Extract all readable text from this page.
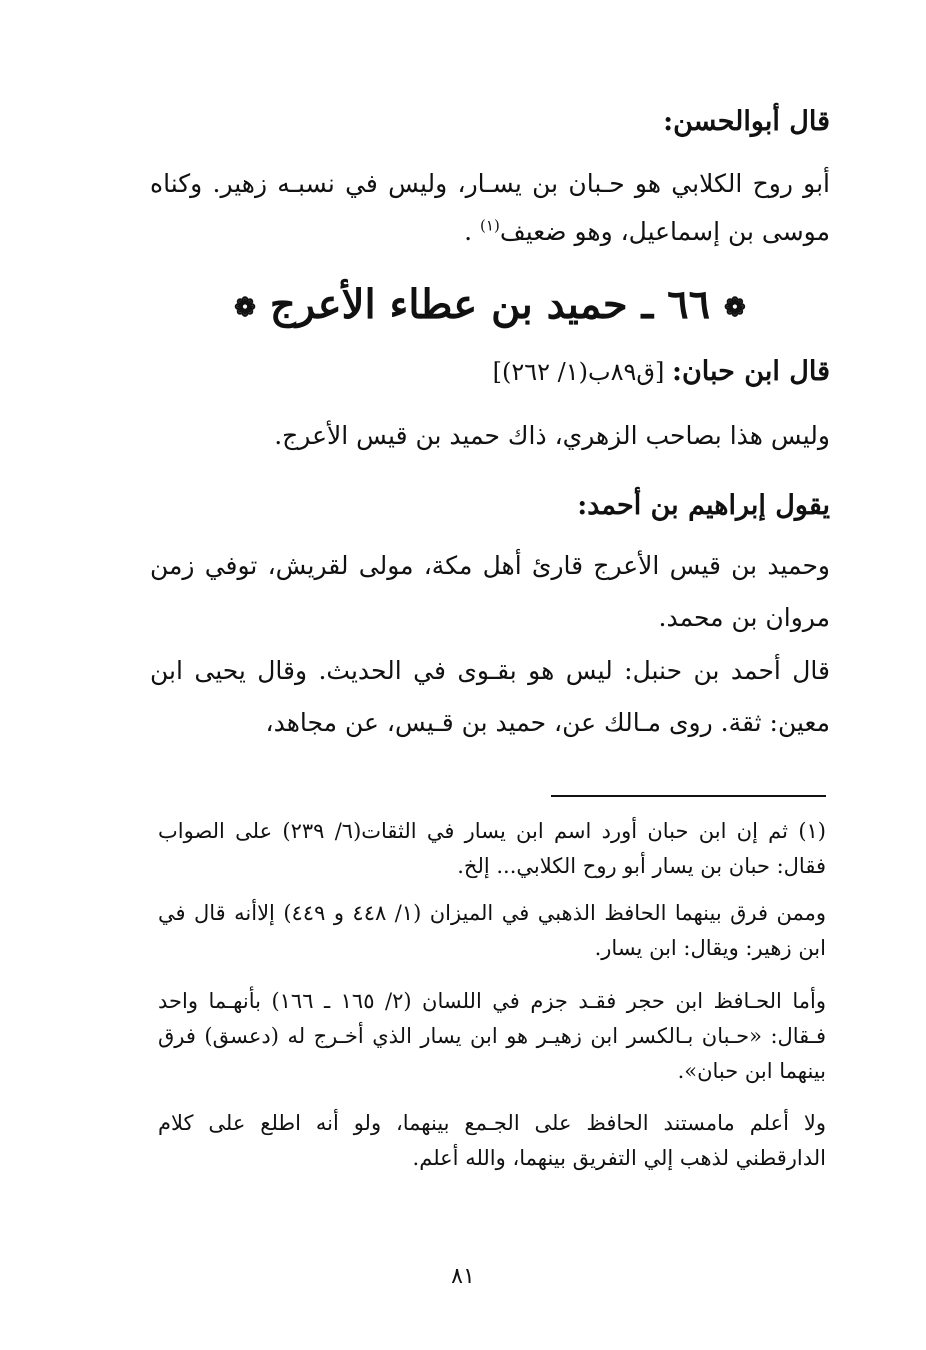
قال أبوالحسن:

أبو روح الكلابي هو حـبان بن يسـار، وليس في نسبـه زهير. وكناه موسى بن إسماعيل، وهو ضعيف$^{(١)}$ .

❁ ٦٦ ـ حميد بن عطاء الأعرج ❁

قال ابن حبان: [ق٨٩ب(١/ ٢٦٢)]

وليس هذا بصاحب الزهري، ذاك حميد بن قيس الأعرج.

يقول إبراهيم بن أحمد:

وحميد بن قيس الأعرج قارئ أهل مكة، مولى لقريش، توفي زمن مروان بن محمد.

قال أحمد بن حنبل: ليس هو بقـوى في الحديث. وقال يحيى ابن معين: ثقة. روى مـالك عن، حميد بن قـيس، عن مجاهد،

(١)ثم إن ابن حبان أورد اسم ابن يسار في الثقات(٦/ ٢٣٩) على الصواب فقال: حبان بن يسار أبو روح الكلابي... إلخ.

وممن فرق بينهما الحافظ الذهبي في الميزان (١/ ٤٤٨ و ٤٤٩) إلاأنه قال في ابن زهير: ويقال: ابن يسار.

وأما الحـافظ ابن حجر فقـد جزم في اللسان (٢/ ١٦٥ ـ ١٦٦) بأنهـما واحد فـقال: «حـبان بـالكسر ابن زهيـر هو ابن يسار الذي أخـرج له (دعسق) فرق بينهما ابن حبان».

ولا أعلم مامستند الحافظ على الجـمع بينهما، ولو أنه اطلع على كلام الدارقطني لذهب إلي التفريق بينهما، والله أعلم.

٨١
